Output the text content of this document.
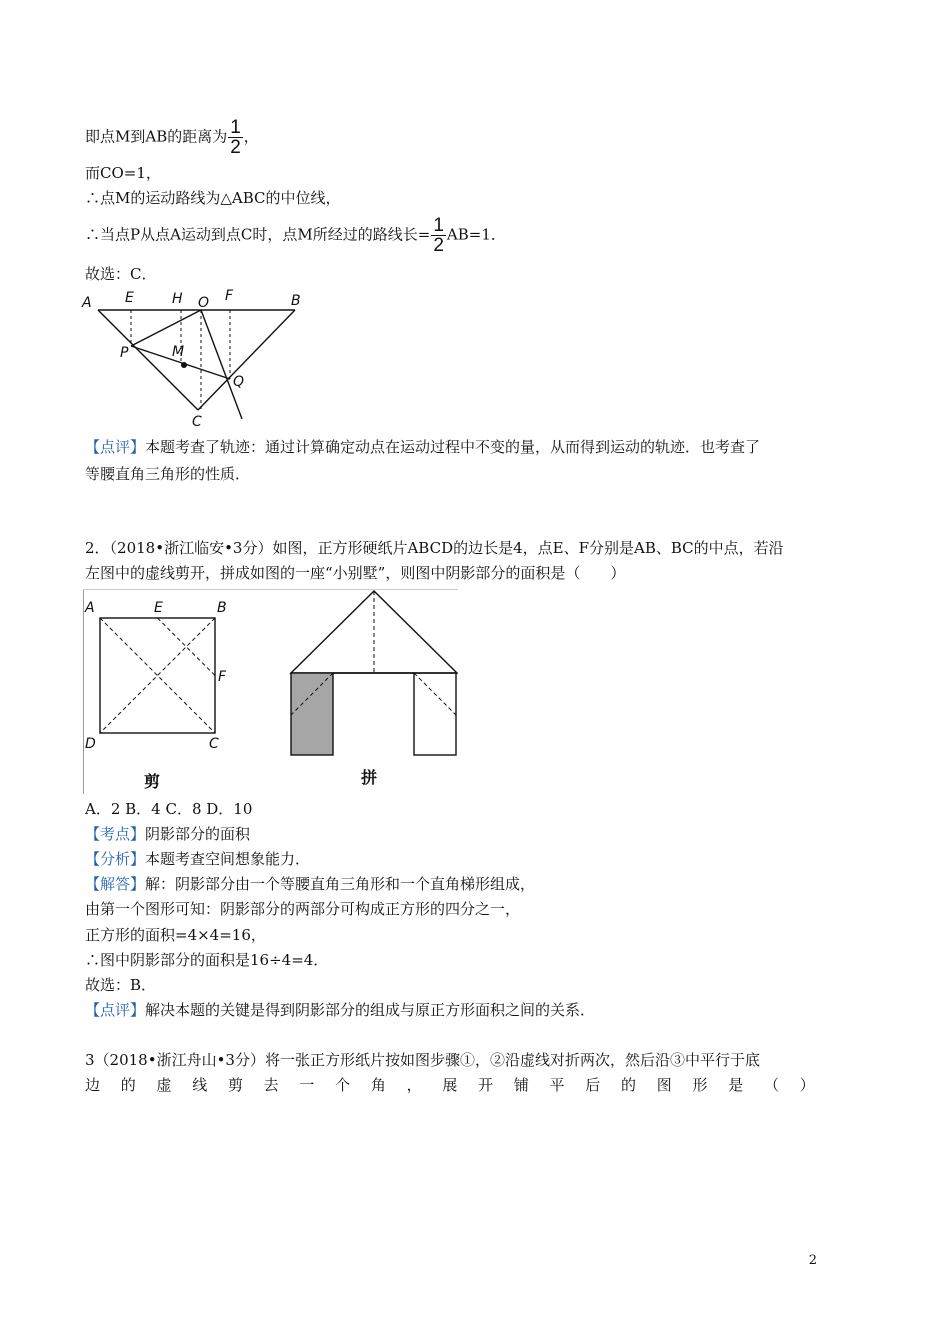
即点M到AB的距离为 $\frac{1}{2}$ ，
而CO=1，
∴点M的运动路线为△ABC的中位线，
∴当点P从点A运动到点C时，点M所经过的路线长= $\frac{1}{2} AB=1$．
故选：C．
A E	H O F	B
P	M
Q
C
【点评】本题考查了轨迹：通过计算确定动点在运动过程中不变的量，从而得到运动的轨迹．也考查了
等腰直角三角形的性质．
2．（2018•浙江临安•3分）如图，正方形硬纸片ABCD的边长是4，点E、F分别是AB、BC的中点，若沿
左图中的虚线剪开，拼成如图的一座“小别墅”，则图中阴影部分的面积是（　　）
A	E	B
F
D	C
剪	拼
A．2 B．4 C．8 D．10
【考点】阴影部分的面积
【分析】本题考查空间想象能力．
【解答】解：阴影部分由一个等腰直角三角形和一个直角梯形组成，
由第一个图形可知：阴影部分的两部分可构成正方形的四分之一，
正方形的面积=4×4=16，
∴图中阴影部分的面积是16÷4=4．
故选：B．
【点评】解决本题的关键是得到阴影部分的组成与原正方形面积之间的关系．
3（2018•浙江舟山•3分）将一张正方形纸片按如图步骤①，②沿虚线对折两次，然后沿③中平行于底
边 的 虚 线 剪 去 一 个 角 ， 展 开 铺 平 后 的 图 形 是 （ ）
2
